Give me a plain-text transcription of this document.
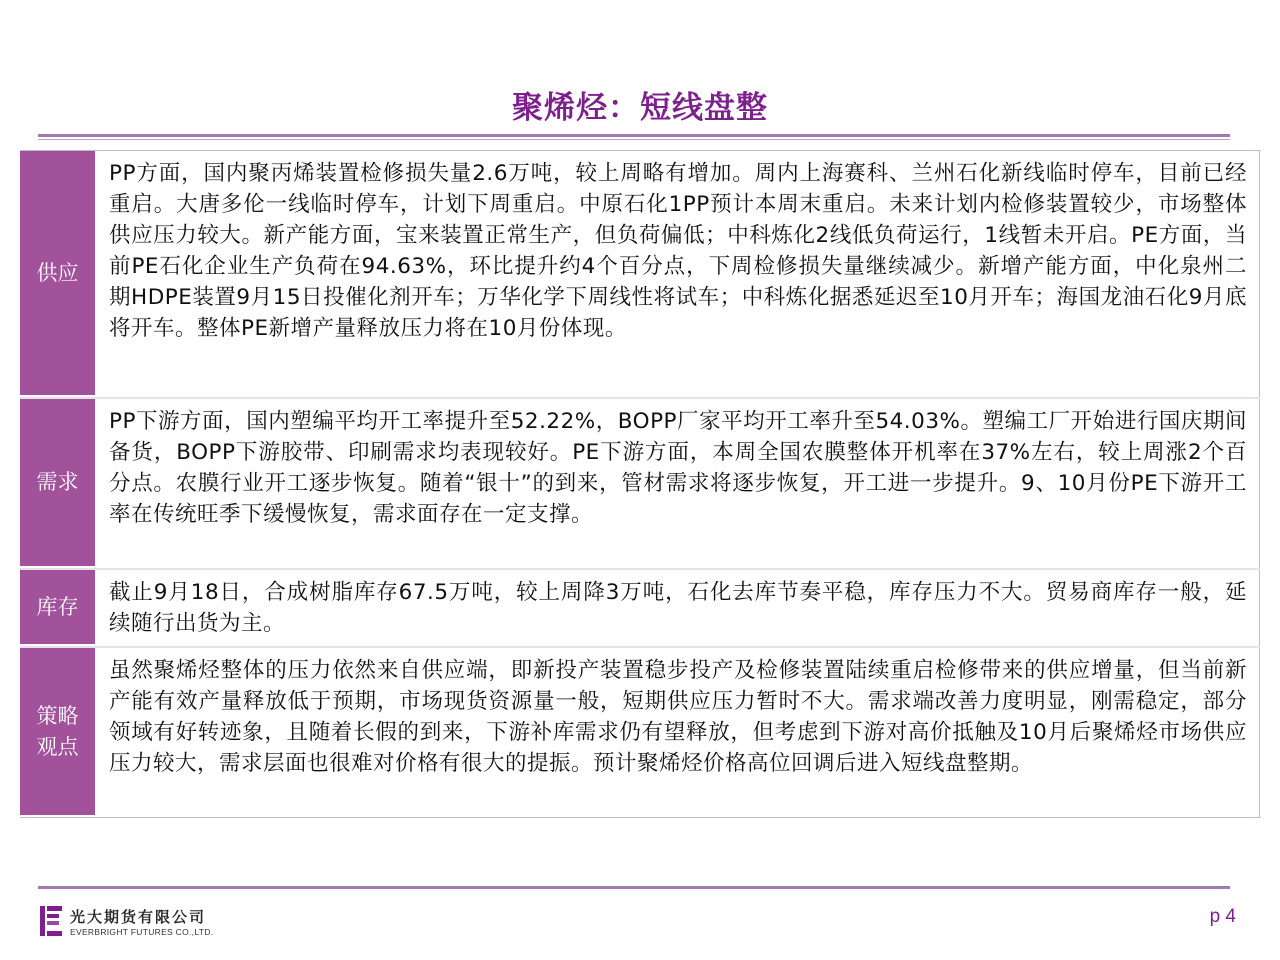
聚烯烃：短线盘整
供应
PP方面，国内聚丙烯装置检修损失量2.6万吨，较上周略有增加。周内上海赛科、兰州石化新线临时停车，目前已经重启。大唐多伦一线临时停车，计划下周重启。中原石化1PP预计本周末重启。未来计划内检修装置较少，市场整体供应压力较大。新产能方面，宝来装置正常生产，但负荷偏低；中科炼化2线低负荷运行，1线暂未开启。PE方面，当前PE石化企业生产负荷在94.63%，环比提升约4个百分点，下周检修损失量继续减少。新增产能方面，中化泉州二期HDPE装置9月15日投催化剂开车；万华化学下周线性将试车；中科炼化据悉延迟至10月开车；海国龙油石化9月底将开车。整体PE新增产量释放压力将在10月份体现。
需求
PP下游方面，国内塑编平均开工率提升至52.22%，BOPP厂家平均开工率升至54.03%。塑编工厂开始进行国庆期间备货，BOPP下游胶带、印刷需求均表现较好。PE下游方面，本周全国农膜整体开机率在37%左右，较上周涨2个百分点。农膜行业开工逐步恢复。随着“银十”的到来，管材需求将逐步恢复，开工进一步提升。9、10月份PE下游开工率在传统旺季下缓慢恢复，需求面存在一定支撑。
库存
截止9月18日，合成树脂库存67.5万吨，较上周降3万吨，石化去库节奏平稳，库存压力不大。贸易商库存一般，延续随行出货为主。
策略观点
虽然聚烯烃整体的压力依然来自供应端，即新投产装置稳步投产及检修装置陆续重启检修带来的供应增量，但当前新产能有效产量释放低于预期，市场现货资源量一般，短期供应压力暂时不大。需求端改善力度明显，刚需稳定，部分领域有好转迹象，且随着长假的到来，下游补库需求仍有望释放，但考虑到下游对高价抵触及10月后聚烯烃市场供应压力较大，需求层面也很难对价格有很大的提振。预计聚烯烃价格高位回调后进入短线盘整期。
光大期货有限公司
EVERBRIGHT FUTURES CO.,LTD.
p 4
